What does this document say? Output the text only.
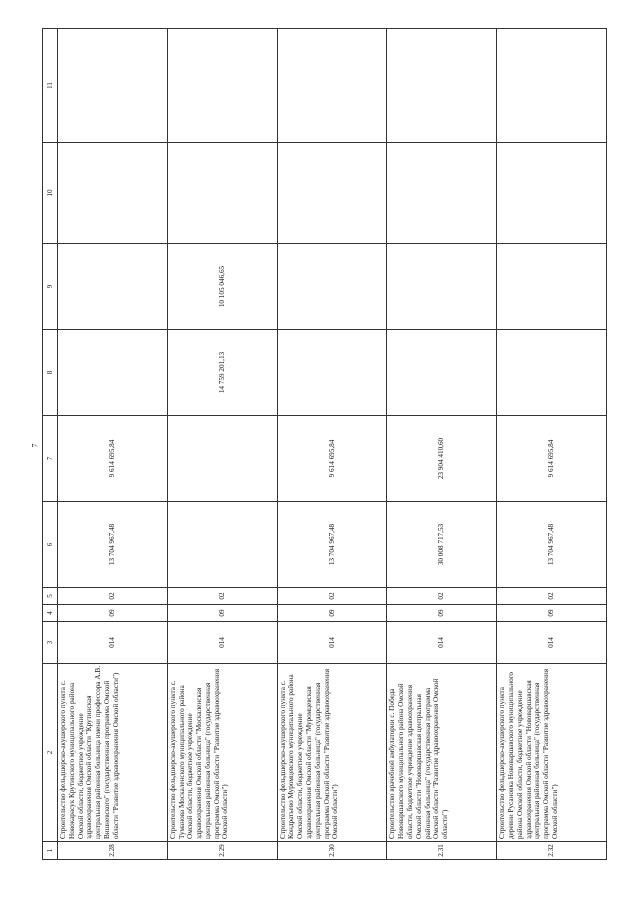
7
1	2	3	4	5	6	7	8	9	10	11
2.28	Строительство фельдшерско-акушерского пункта с. Новокарасук Крутинского муниципального района Омской области, бюджетное учреждение здравоохранения Омской области "Крутинская центральная районная больница имени профессора А.В. Вишневского" (государственная программа Омской области "Развитие здравоохранения Омской области")	014	09	02	13 704 967,48	9 614 695,84				
2.29	Строительство фельдшерско-акушерского пункта с. Туманова Москаленского муниципального района Омской области, бюджетное учреждение здравоохранения Омской области "Москаленская центральная районная больница" (государственная программа Омской области "Развитие здравоохранения Омской области")	014	09	02			14 759 201,13	10 105 046,65		
2.30	Строительство фельдшерско-акушерского пункта с. Кондратьево Муромцевского муниципального района Омской области, бюджетное учреждение здравоохранения Омской области "Муромцевская центральная районная больница" (государственная программа Омской области "Развитие здравоохранения Омской области")	014	09	02	13 704 967,48	9 614 695,84				
2.31	Строительство врачебной амбулатории с. Победа Нововаршавского муниципального района Омской области, бюджетное учреждение здравоохранения Омской области "Нововаршавская центральная районная больница" (государственная программа Омской области "Развитие здравоохранения Омской области")	014	09	02	30 008 717,53	23 904 410,60				
2.32	Строительство фельдшерско-акушерского пункта деревни Русановка Нововаршавского муниципального района Омской области, бюджетное учреждение здравоохранения Омской области "Нововаршавская центральная районная больница" (государственная программа Омской области "Развитие здравоохранения Омской области")	014	09	02	13 704 967,48	9 614 695,84				
